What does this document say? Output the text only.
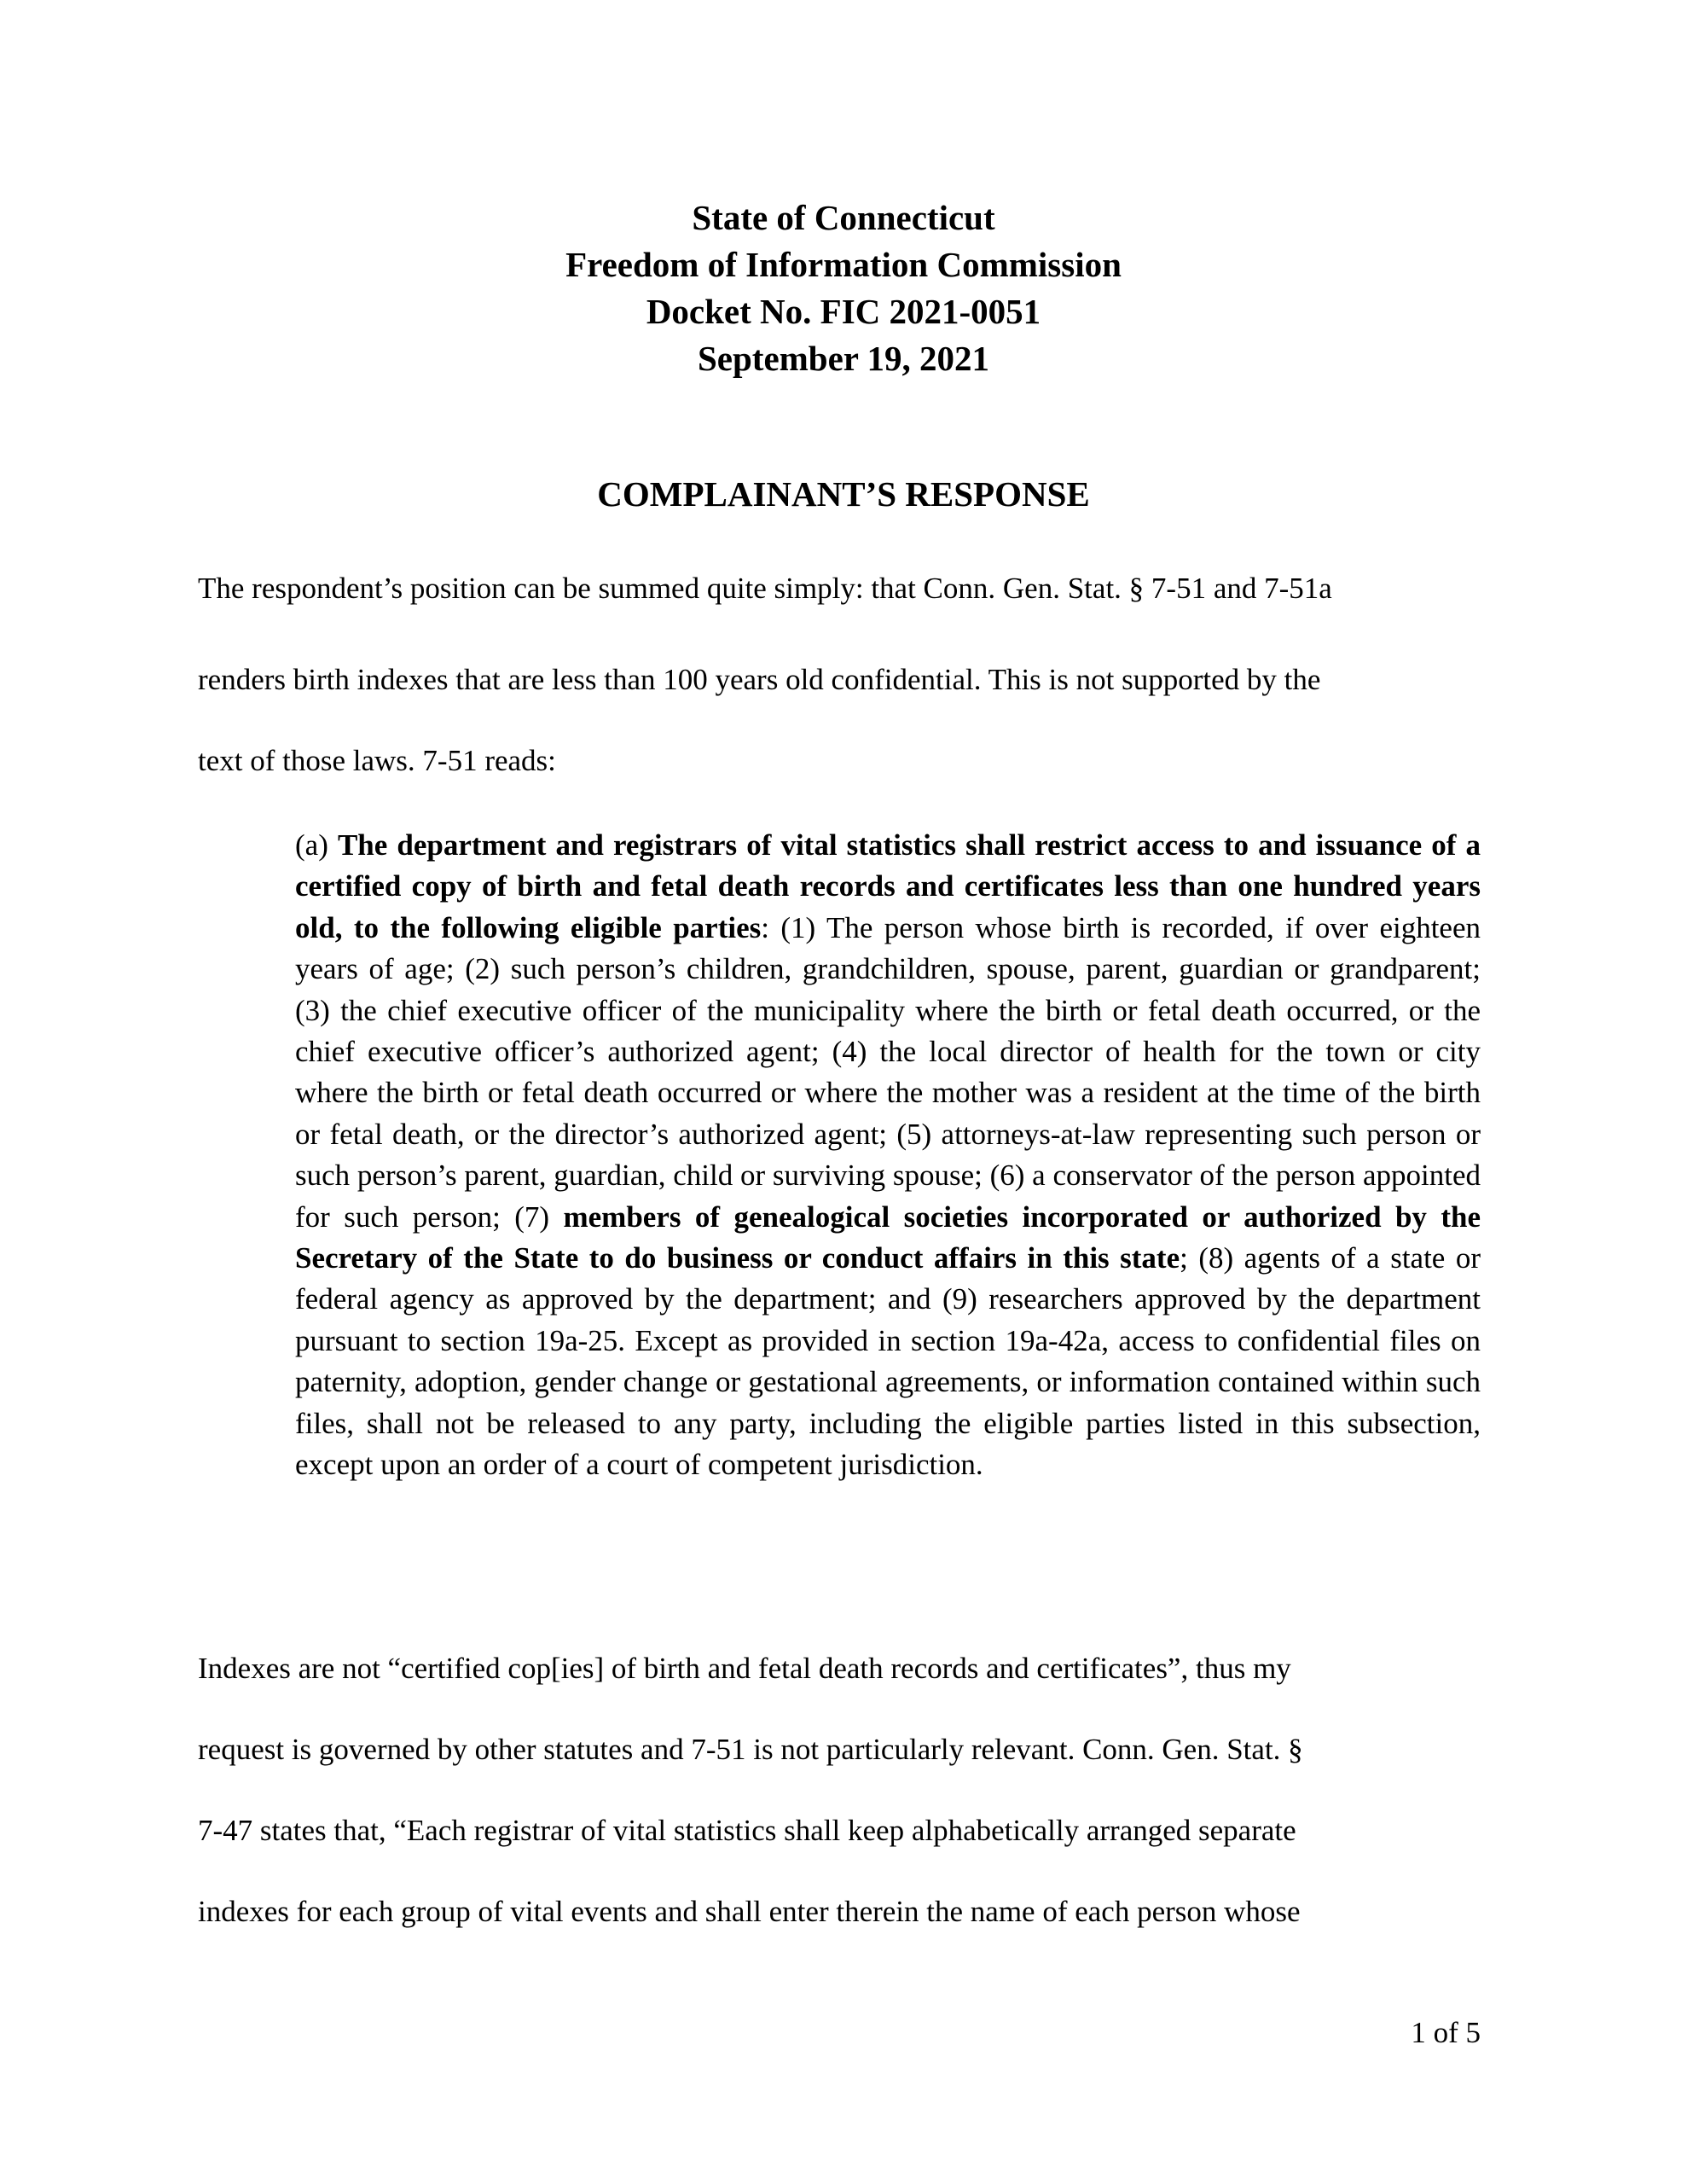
State of Connecticut
Freedom of Information Commission
Docket No. FIC 2021-0051
September 19, 2021
COMPLAINANT’S RESPONSE
The respondent’s position can be summed quite simply: that Conn. Gen. Stat. § 7-51 and 7-51a
renders birth indexes that are less than 100 years old confidential. This is not supported by the
text of those laws. 7-51 reads:
(a) The department and registrars of vital statistics shall restrict access to and issuance of a certified copy of birth and fetal death records and certificates less than one hundred years old, to the following eligible parties: (1) The person whose birth is recorded, if over eighteen years of age; (2) such person’s children, grandchildren, spouse, parent, guardian or grandparent; (3) the chief executive officer of the municipality where the birth or fetal death occurred, or the chief executive officer’s authorized agent; (4) the local director of health for the town or city where the birth or fetal death occurred or where the mother was a resident at the time of the birth or fetal death, or the director’s authorized agent; (5) attorneys-at-law representing such person or such person’s parent, guardian, child or surviving spouse; (6) a conservator of the person appointed for such person; (7) members of genealogical societies incorporated or authorized by the Secretary of the State to do business or conduct affairs in this state; (8) agents of a state or federal agency as approved by the department; and (9) researchers approved by the department pursuant to section 19a-25. Except as provided in section 19a-42a, access to confidential files on paternity, adoption, gender change or gestational agreements, or information contained within such files, shall not be released to any party, including the eligible parties listed in this subsection, except upon an order of a court of competent jurisdiction.
Indexes are not “certified cop[ies] of birth and fetal death records and certificates”, thus my
request is governed by other statutes and 7-51 is not particularly relevant. Conn. Gen. Stat. §
7-47 states that, “Each registrar of vital statistics shall keep alphabetically arranged separate
indexes for each group of vital events and shall enter therein the name of each person whose
1 of 5
